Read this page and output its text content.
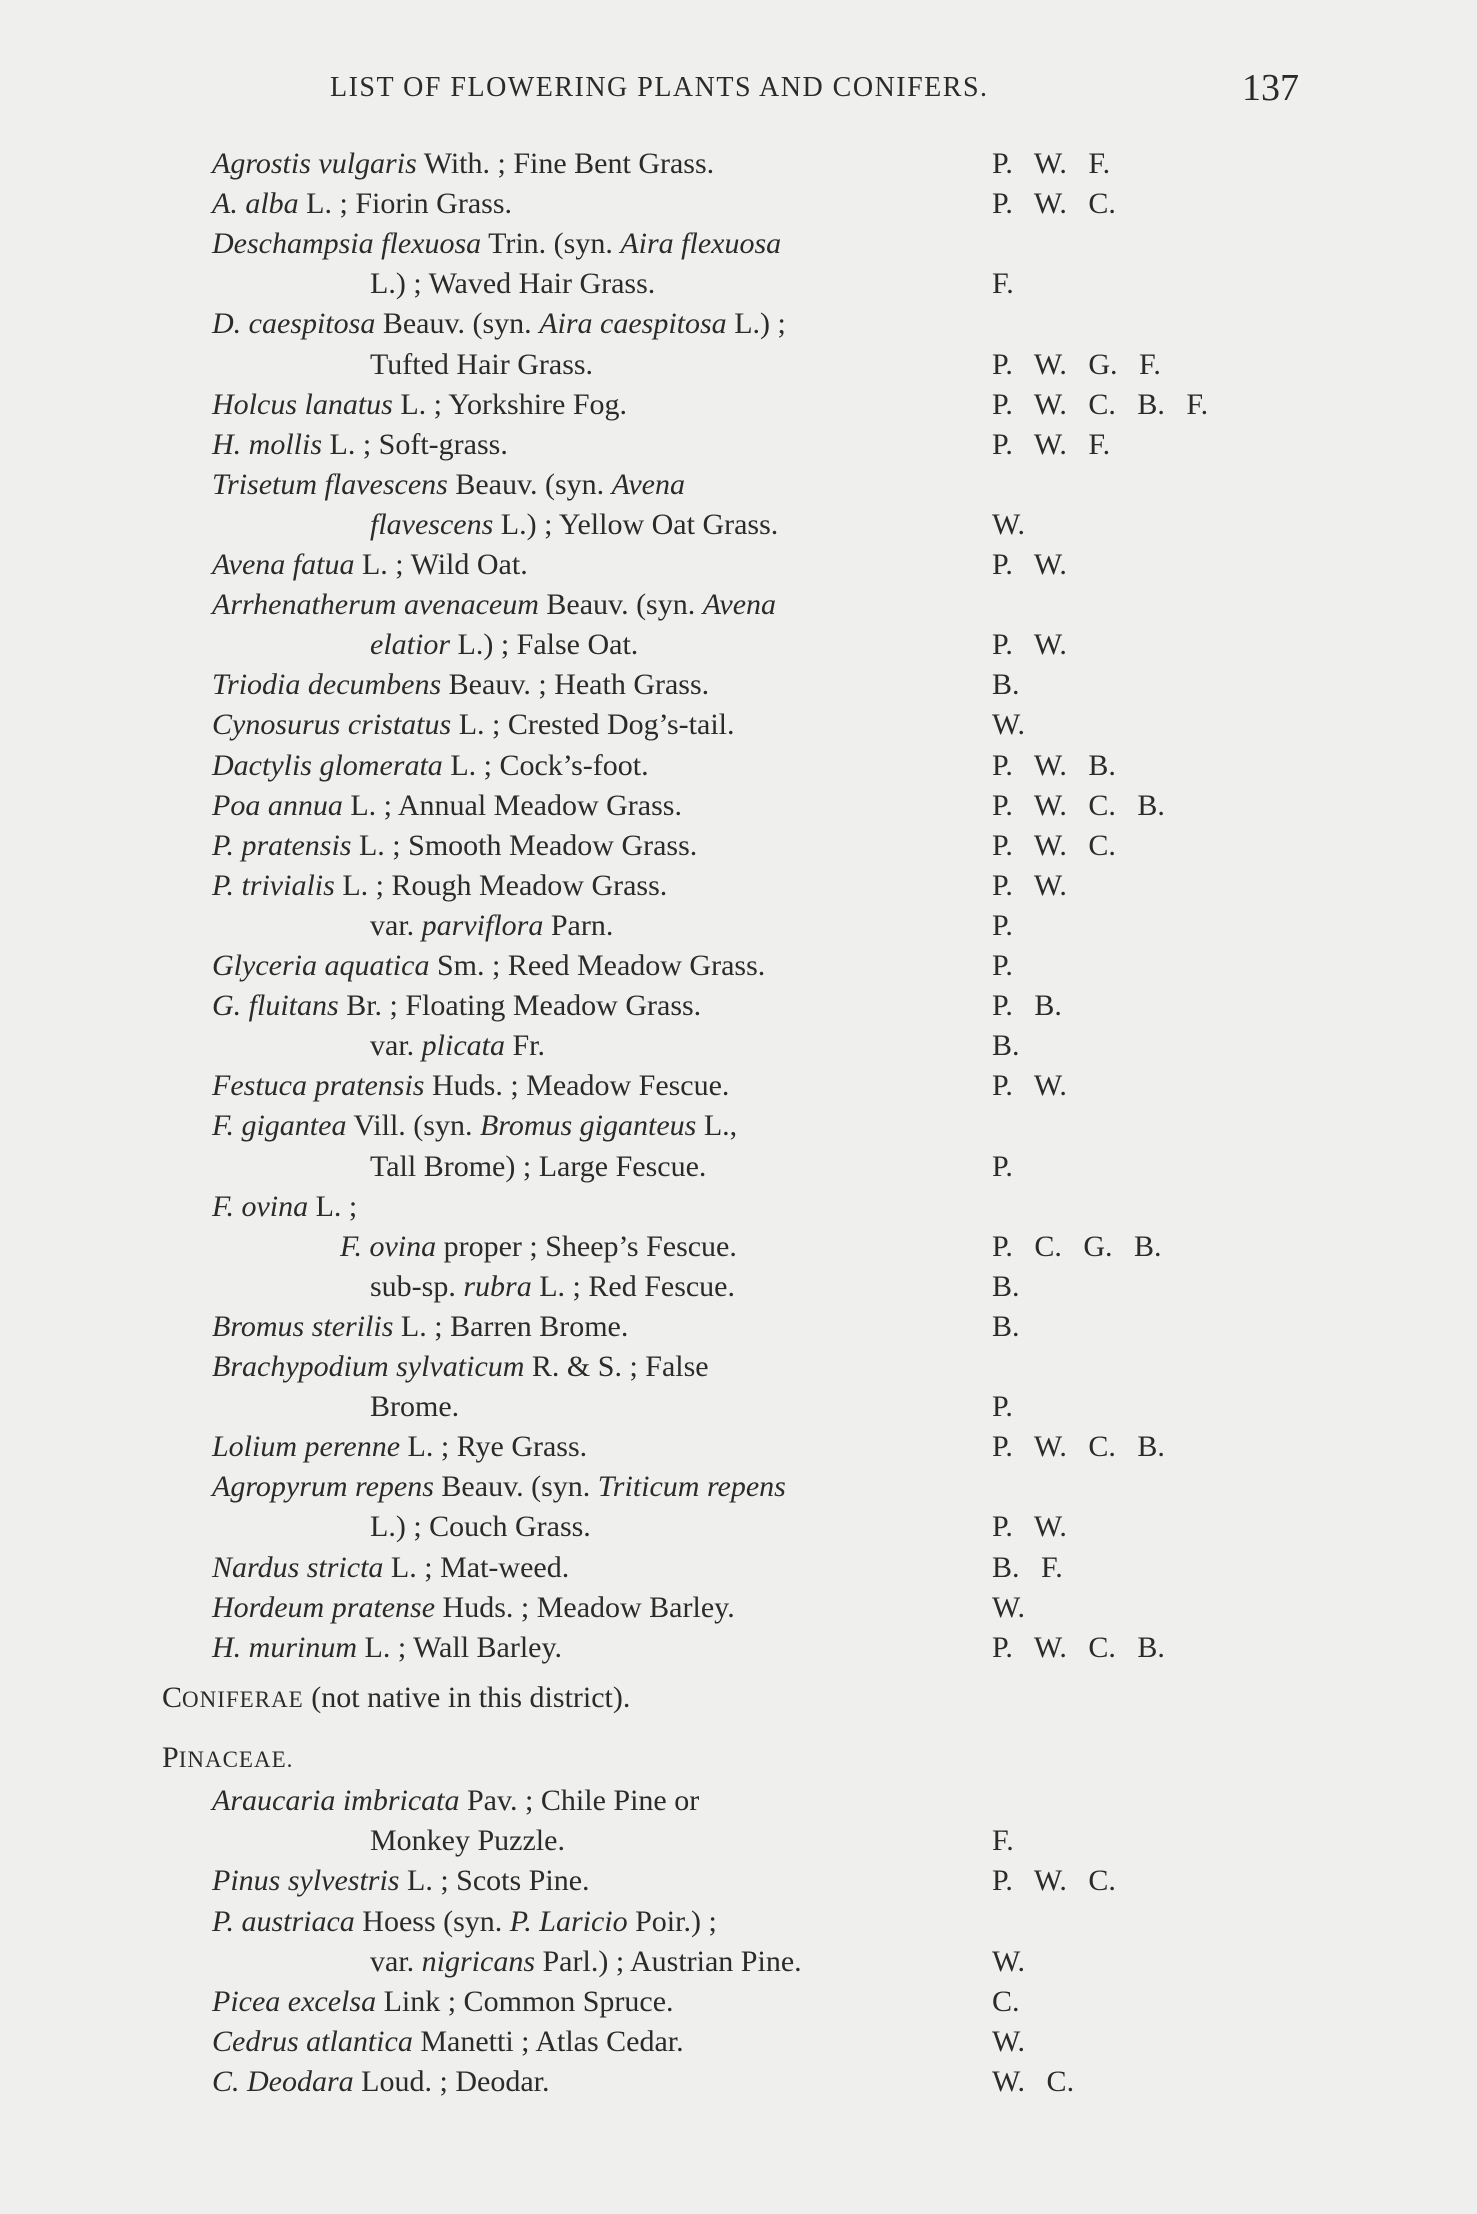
LIST OF FLOWERING PLANTS AND CONIFERS.	137
Agrostis vulgaris With. ; Fine Bent Grass.	P. W. F.
A. alba L. ; Fiorin Grass.	P. W. C.
Deschampsia flexuosa Trin. (syn. Aira flexuosa
L.) ; Waved Hair Grass.	F.
D. caespitosa Beauv. (syn. Aira caespitosa L.) ;
Tufted Hair Grass.	P. W. G. F.
Holcus lanatus L. ; Yorkshire Fog.	P. W. C. B. F.
H. mollis L. ; Soft-grass.	P. W. F.
Trisetum flavescens Beauv. (syn. Avena
flavescens L.) ; Yellow Oat Grass.	W.
Avena fatua L. ; Wild Oat.	P. W.
Arrhenatherum avenaceum Beauv. (syn. Avena
elatior L.) ; False Oat.	P. W.
Triodia decumbens Beauv. ; Heath Grass.	B.
Cynosurus cristatus L. ; Crested Dog’s-tail.	W.
Dactylis glomerata L. ; Cock’s-foot.	P. W. B.
Poa annua L. ; Annual Meadow Grass.	P. W. C. B.
P. pratensis L. ; Smooth Meadow Grass.	P. W. C.
P. trivialis L. ; Rough Meadow Grass.	P. W.
var. parviflora Parn.	P.
Glyceria aquatica Sm. ; Reed Meadow Grass.	P.
G. fluitans Br. ; Floating Meadow Grass.	P. B.
var. plicata Fr.	B.
Festuca pratensis Huds. ; Meadow Fescue.	P. W.
F. gigantea Vill. (syn. Bromus giganteus L.,
Tall Brome) ; Large Fescue.	P.
F. ovina L. ;
F. ovina proper ; Sheep’s Fescue.	P. C. G. B.
sub-sp. rubra L. ; Red Fescue.	B.
Bromus sterilis L. ; Barren Brome.	B.
Brachypodium sylvaticum R. & S. ; False
Brome.	P.
Lolium perenne L. ; Rye Grass.	P. W. C. B.
Agropyrum repens Beauv. (syn. Triticum repens
L.) ; Couch Grass.	P. W.
Nardus stricta L. ; Mat-weed.	B. F.
Hordeum pratense Huds. ; Meadow Barley.	W.
H. murinum L. ; Wall Barley.	P. W. C. B.
CONIFERAE (not native in this district).
PINACEAE.
Araucaria imbricata Pav. ; Chile Pine or
Monkey Puzzle.	F.
Pinus sylvestris L. ; Scots Pine.	P. W. C.
P. austriaca Hoess (syn. P. Laricio Poir.) ;
var. nigricans Parl.) ; Austrian Pine.	W.
Picea excelsa Link ; Common Spruce.	C.
Cedrus atlantica Manetti ; Atlas Cedar.	W.
C. Deodara Loud. ; Deodar.	W. C.
